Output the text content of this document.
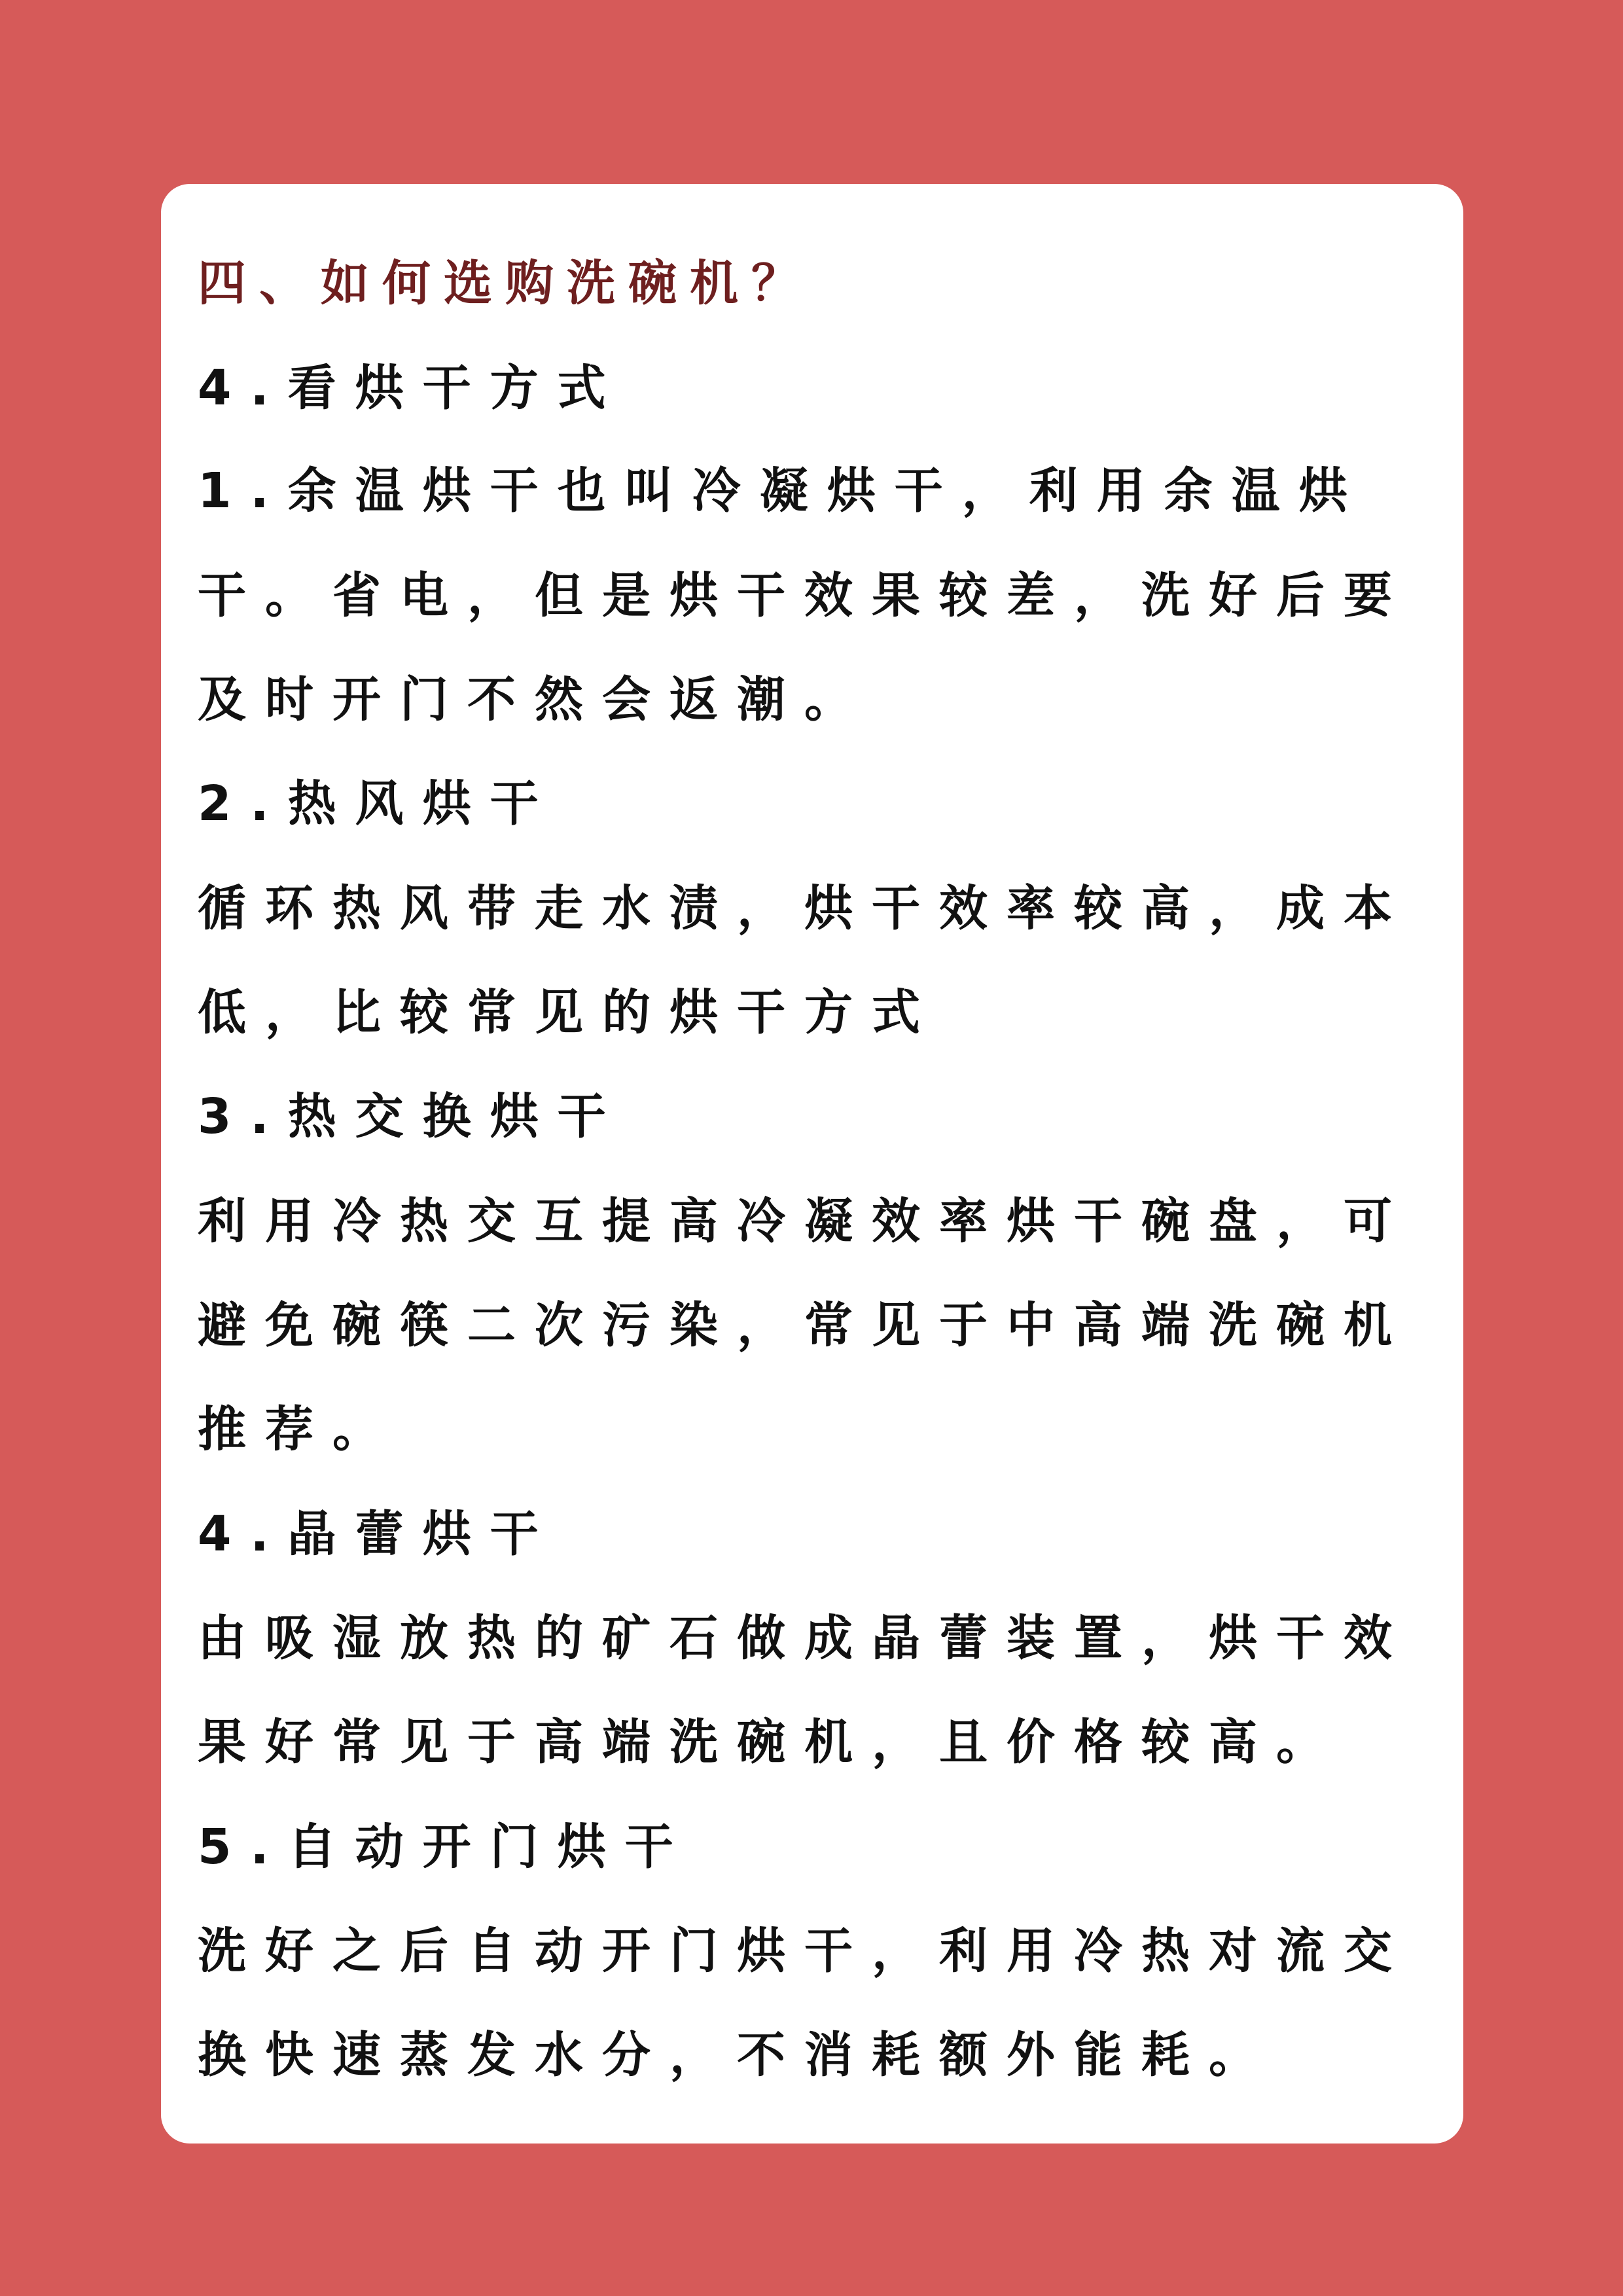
四、如何选购洗碗机？

4.看烘干方式

1.余温烘干也叫冷凝烘干，利用余温烘

干。省电，但是烘干效果较差，洗好后要

及时开门不然会返潮。

2.热风烘干

循环热风带走水渍，烘干效率较高，成本

低，比较常见的烘干方式

3.热交换烘干

利用冷热交互提高冷凝效率烘干碗盘，可

避免碗筷二次污染，常见于中高端洗碗机

推荐。

4.晶蕾烘干

由吸湿放热的矿石做成晶蕾装置，烘干效

果好常见于高端洗碗机，且价格较高。

5.自动开门烘干

洗好之后自动开门烘干，利用冷热对流交

换快速蒸发水分，不消耗额外能耗。
